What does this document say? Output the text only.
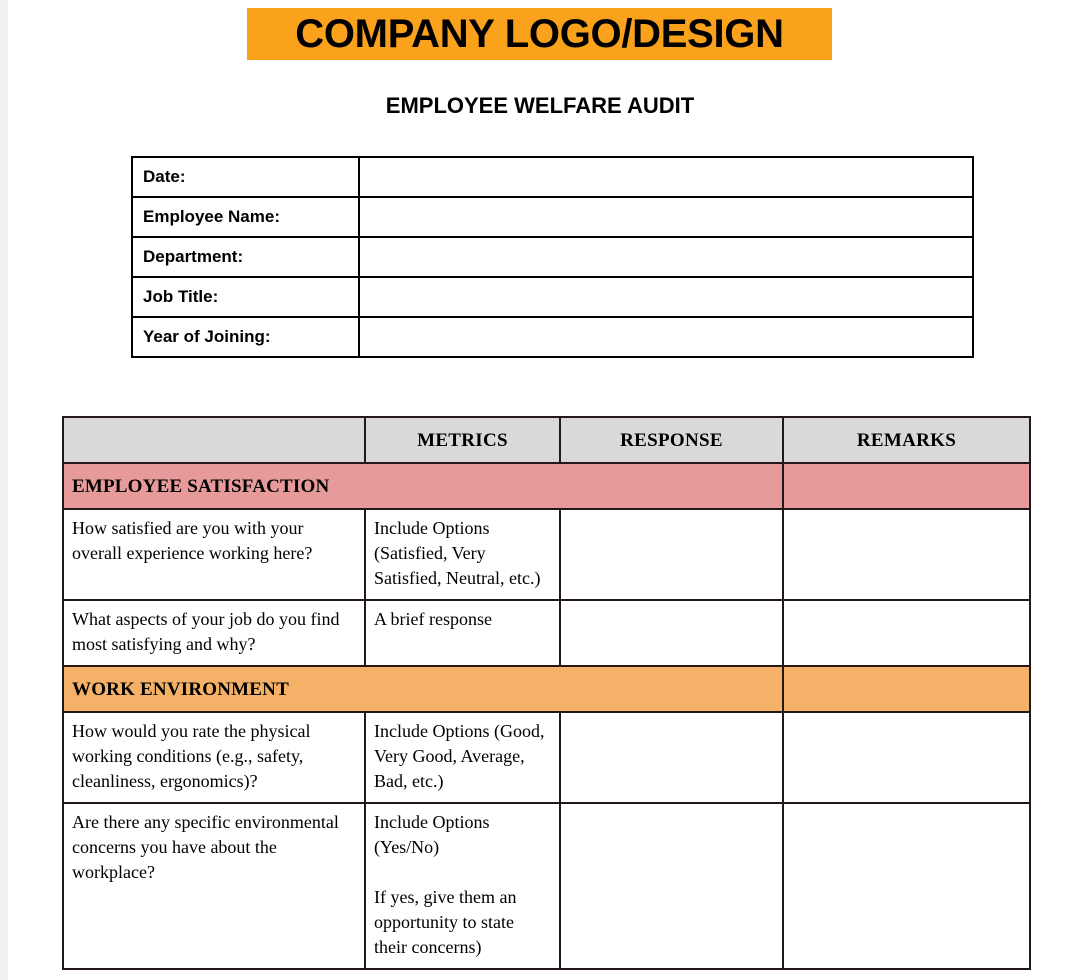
COMPANY LOGO/DESIGN
EMPLOYEE WELFARE AUDIT
Date:	
Employee Name:	
Department:	
Job Title:	
Year of Joining:	
	METRICS	RESPONSE	REMARKS
EMPLOYEE SATISFACTION			
How satisfied are you with your overall experience working here?	Include Options (Satisfied, Very Satisfied, Neutral, etc.)		
What aspects of your job do you find most satisfying and why?	A brief response		
WORK ENVIRONMENT			
How would you rate the physical working conditions (e.g., safety, cleanliness, ergonomics)?	Include Options (Good, Very Good, Average, Bad, etc.)		
Are there any specific environmental concerns you have about the workplace?	Include Options (Yes/No)
If yes, give them an opportunity to state their concerns)		
